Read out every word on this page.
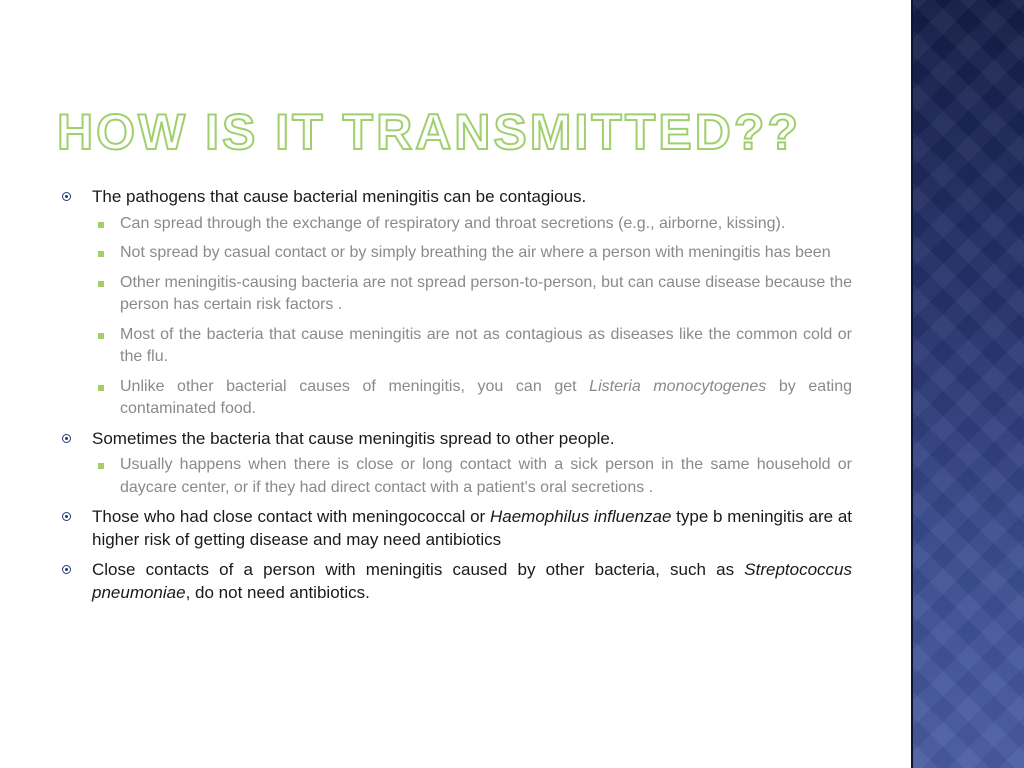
HOW IS IT TRANSMITTED??
The pathogens that cause bacterial meningitis can be contagious.
Can spread through the exchange of respiratory and throat secretions (e.g., airborne, kissing).
Not spread by casual contact or by simply breathing the air where a person with meningitis has been
Other meningitis-causing bacteria are not spread person-to-person, but can cause disease because the person has certain risk factors .
Most of the bacteria that cause meningitis are not as contagious as diseases like the common cold or the flu.
Unlike other bacterial causes of meningitis, you can get Listeria monocytogenes by eating contaminated food.
Sometimes the bacteria that cause meningitis spread to other people.
Usually happens when there is close or long contact with a sick person in the same household or daycare center, or if they had direct contact with a patient's oral secretions .
Those who had close contact with meningococcal or Haemophilus influenzae type b meningitis are at higher risk of getting disease and may need antibiotics
Close contacts of a person with meningitis caused by other bacteria, such as Streptococcus pneumoniae, do not need antibiotics.
